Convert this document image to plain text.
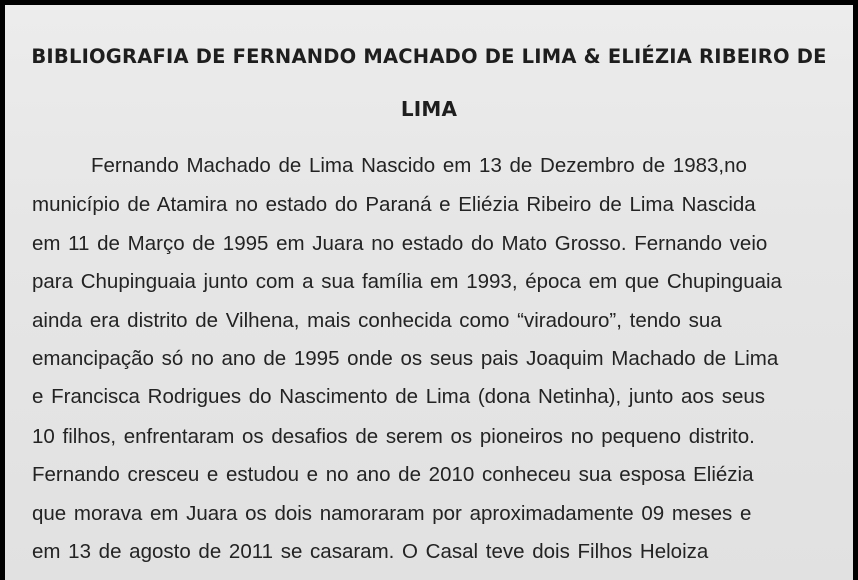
BIBLIOGRAFIA DE FERNANDO MACHADO DE LIMA & ELIÉZIA RIBEIRO DE
LIMA
Fernando Machado de Lima Nascido em 13 de Dezembro de 1983,no
município de Atamira no estado do Paraná e Eliézia Ribeiro de Lima Nascida
em 11 de Março de 1995 em Juara no estado do Mato Grosso. Fernando veio
para Chupinguaia junto com a sua família em 1993, época em que Chupinguaia
ainda era distrito de Vilhena, mais conhecida como “viradouro”, tendo sua
emancipação só no ano de 1995 onde os seus pais Joaquim Machado de Lima
e Francisca Rodrigues do Nascimento de Lima (dona Netinha), junto aos seus
10 filhos, enfrentaram os desafios de serem os pioneiros no pequeno distrito.
Fernando cresceu e estudou e no ano de 2010 conheceu sua esposa Eliézia
que morava em Juara os dois namoraram por aproximadamente 09 meses e
em 13 de agosto de 2011 se casaram. O Casal teve dois Filhos Heloiza
